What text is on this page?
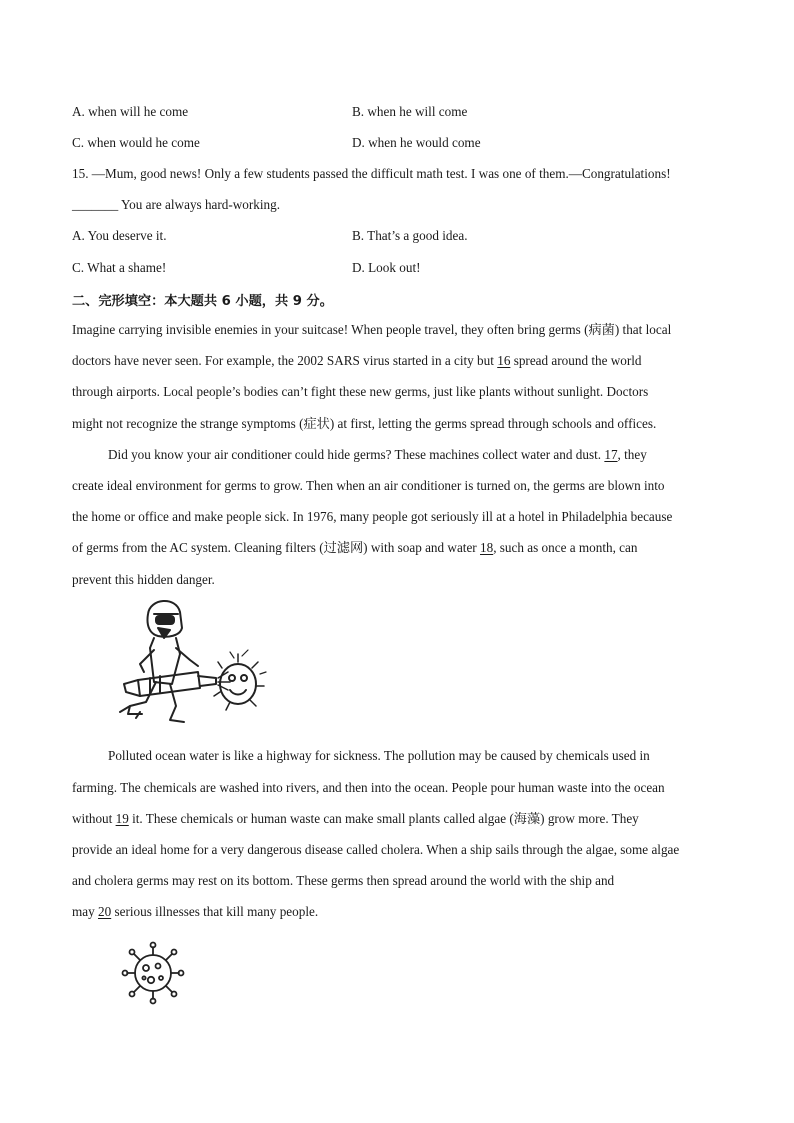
A. when will he come	B. when he will come
C. when would he come	D. when he would come
15. —Mum, good news! Only a few students passed the difficult math test. I was one of them.—Congratulations!
_______ You are always hard-working.
A. You deserve it.	B. That’s a good idea.
C. What a shame!	D. Look out!
二、完形填空：本大题共 6 小题，共 9 分。
Imagine carrying invisible enemies in your suitcase! When people travel, they often bring germs (病菌) that local
doctors have never seen. For example, the 2002 SARS virus started in a city but 16 spread around the world
through airports. Local people’s bodies can’t fight these new germs, just like plants without sunlight. Doctors
might not recognize the strange symptoms (症状) at first, letting the germs spread through schools and offices.
Did you know your air conditioner could hide germs? These machines collect water and dust. 17, they
create ideal environment for germs to grow. Then when an air conditioner is turned on, the germs are blown into
the home or office and make people sick. In 1976, many people got seriously ill at a hotel in Philadelphia because
of germs from the AC system. Cleaning filters (过滤网) with soap and water 18, such as once a month, can
prevent this hidden danger.
Polluted ocean water is like a highway for sickness. The pollution may be caused by chemicals used in
farming. The chemicals are washed into rivers, and then into the ocean. People pour human waste into the ocean
without 19 it. These chemicals or human waste can make small plants called algae (海藻) grow more. They
provide an ideal home for a very dangerous disease called cholera. When a ship sails through the algae, some algae
and cholera germs may rest on its bottom. These germs then spread around the world with the ship and
may 20 serious illnesses that kill many people.
